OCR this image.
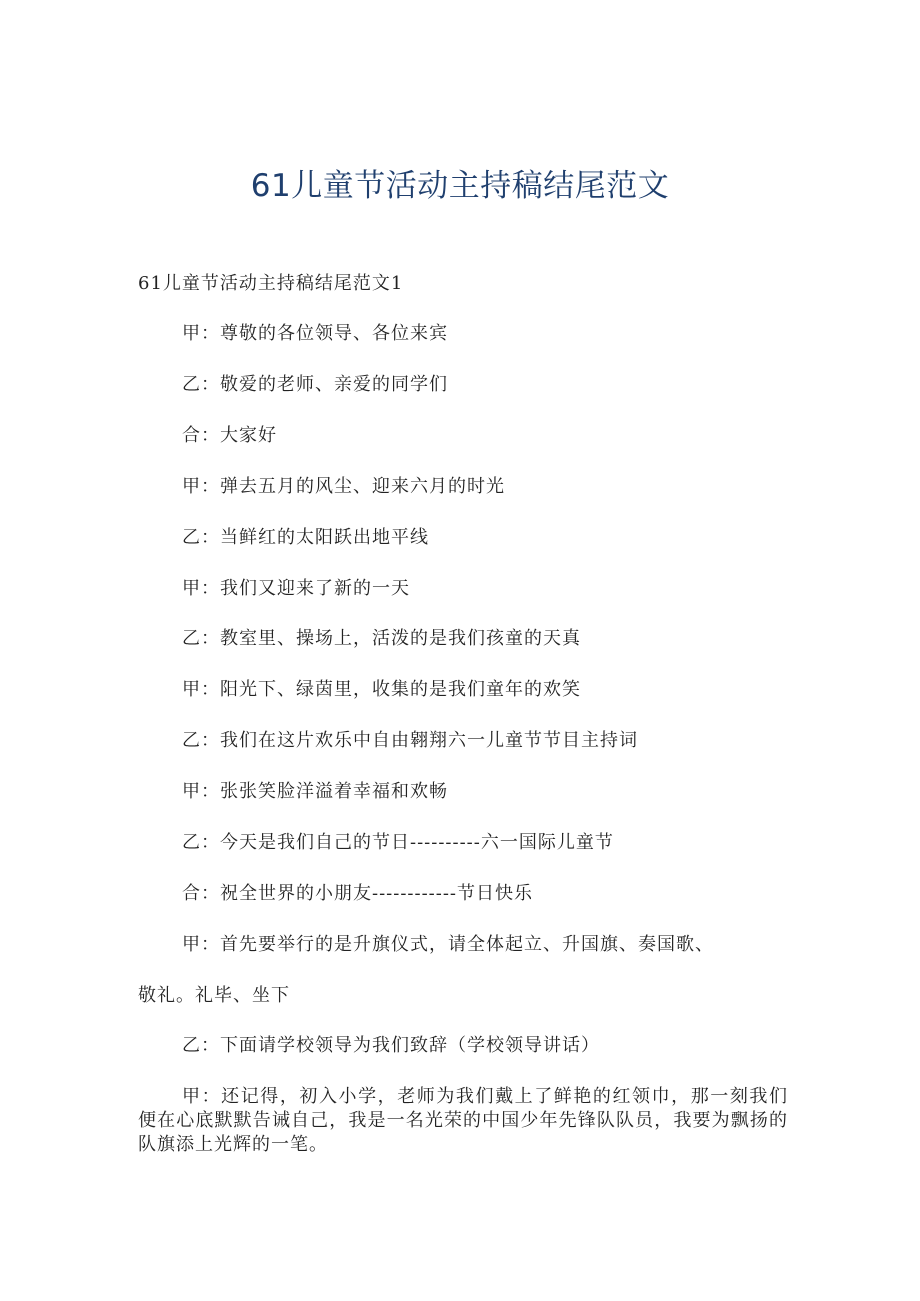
61儿童节活动主持稿结尾范文
61儿童节活动主持稿结尾范文1
甲：尊敬的各位领导、各位来宾
乙：敬爱的老师、亲爱的同学们
合：大家好
甲：弹去五月的风尘、迎来六月的时光
乙：当鲜红的太阳跃出地平线
甲：我们又迎来了新的一天
乙：教室里、操场上，活泼的是我们孩童的天真
甲：阳光下、绿茵里，收集的是我们童年的欢笑
乙：我们在这片欢乐中自由翱翔六一儿童节节目主持词
甲：张张笑脸洋溢着幸福和欢畅
乙：今天是我们自己的节日----------六一国际儿童节
合：祝全世界的小朋友------------节日快乐
甲：首先要举行的是升旗仪式，请全体起立、升国旗、奏国歌、
敬礼。礼毕、坐下
乙：下面请学校领导为我们致辞（学校领导讲话）
甲：还记得，初入小学，老师为我们戴上了鲜艳的红领巾，那一刻我们便在心底默默告诫自己，我是一名光荣的中国少年先锋队队员，我要为飘扬的队旗添上光辉的一笔。
